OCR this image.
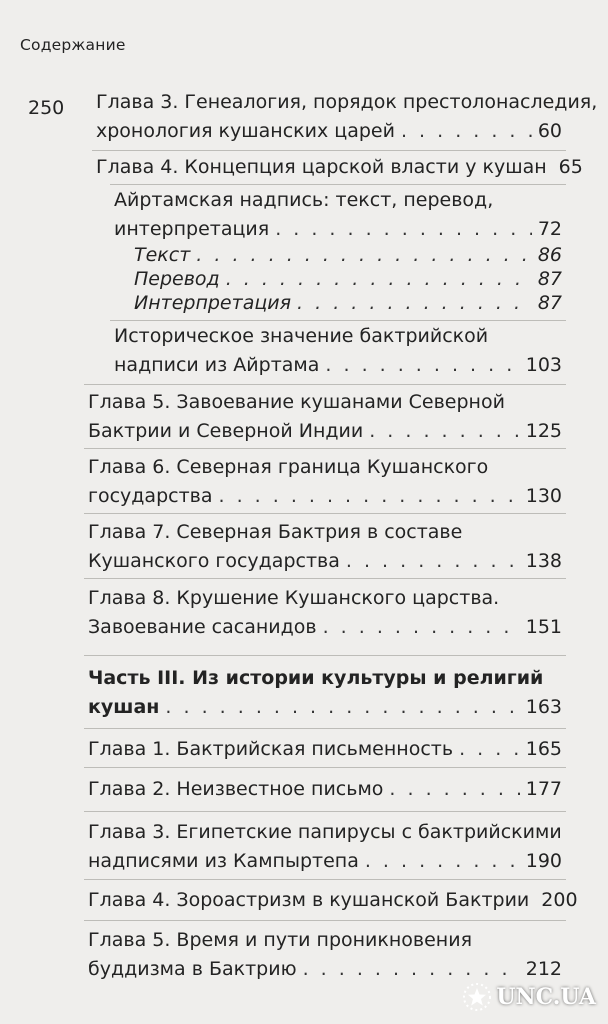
Содержание
250 Глава 3. Генеалогия, порядок престолонаследия,
хронология кушанских царей . . .	60
Глава 4. Концепция царской власти у кушан 65
Айртамская надпись: текст, перевод,
интерпретация . . .	72
Текст . . .	86
Перевод . . .	87
Интерпретация . . .	87
Историческое значение бактрийской
надписи из Айртама . . .	103
Глава 5. Завоевание кушанами Северной
Бактрии и Северной Индии . . .	125
Глава 6. Северная граница Кушанского
государства . . .	130
Глава 7. Северная Бактрия в составе
Кушанского государства . . .	138
Глава 8. Крушение Кушанского царства.
Завоевание сасанидов . . .	151
Часть III. Из истории культуры и религий
кушан . . .	163
Глава 1. Бактрийская письменность . . .	165
Глава 2. Неизвестное письмо . . .	177
Глава 3. Египетские папирусы с бактрийскими
надписями из Кампыртепа . . .	190
Глава 4. Зороастризм в кушанской Бактрии 200
Глава 5. Время и пути проникновения
буддизма в Бактрию . . .	212
UNC.UA
